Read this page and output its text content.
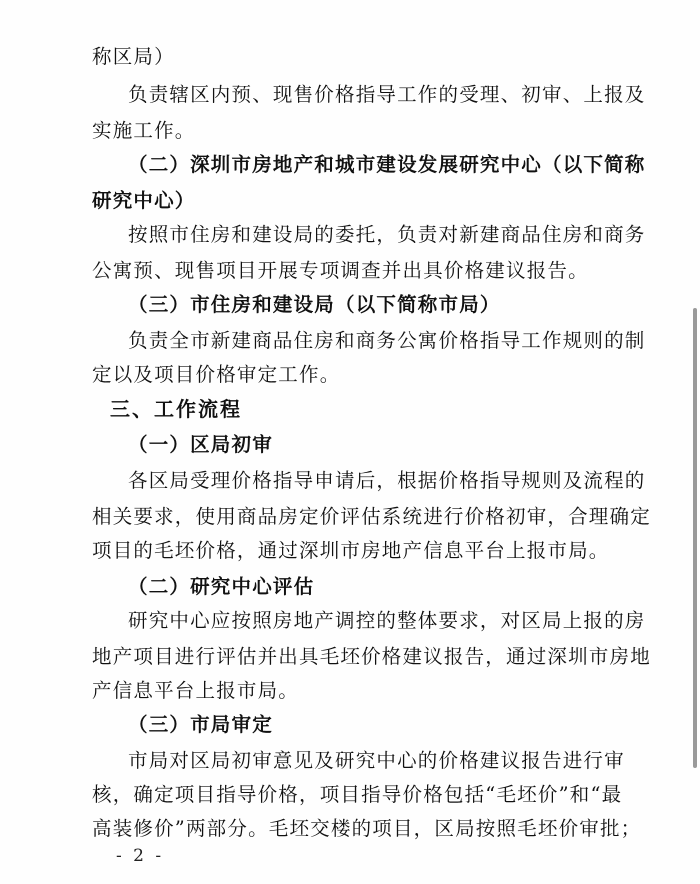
称区局）
负责辖区内预、现售价格指导工作的受理、初审、上报及
实施工作。
（二）深圳市房地产和城市建设发展研究中心（以下简称
研究中心）
按照市住房和建设局的委托，负责对新建商品住房和商务
公寓预、现售项目开展专项调查并出具价格建议报告。
（三）市住房和建设局（以下简称市局）
负责全市新建商品住房和商务公寓价格指导工作规则的制
定以及项目价格审定工作。
三、工作流程
（一）区局初审
各区局受理价格指导申请后，根据价格指导规则及流程的
相关要求，使用商品房定价评估系统进行价格初审，合理确定
项目的毛坯价格，通过深圳市房地产信息平台上报市局。
（二）研究中心评估
研究中心应按照房地产调控的整体要求，对区局上报的房
地产项目进行评估并出具毛坯价格建议报告，通过深圳市房地
产信息平台上报市局。
（三）市局审定
市局对区局初审意见及研究中心的价格建议报告进行审
核，确定项目指导价格，项目指导价格包括“毛坯价”和“最
高装修价”两部分。毛坯交楼的项目，区局按照毛坯价审批；
- 2 -
